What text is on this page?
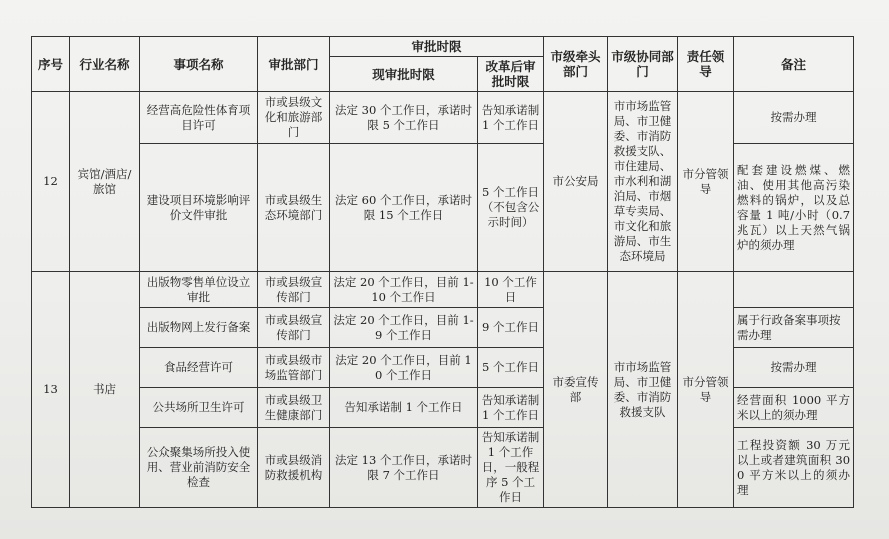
序号	行业名称	事项名称	审批部门	审批时限		市级牵头部门	市级协同部门	责任领导	备注
				现审批时限	改革后审批时限				
12	宾馆/酒店/旅馆	经营高危险性体育项目许可	市或县级文化和旅游部门	法定 30 个工作日，承诺时限 5 个工作日	告知承诺制 1 个工作日	市公安局	市市场监管局、市卫健委、市消防救援支队、市住建局、市水利和湖泊局、市烟草专卖局、市文化和旅游局、市生态环境局	市分管领导	按需办理
		建设项目环境影响评价文件审批	市或县级生态环境部门	法定 60 个工作日，承诺时限 15 个工作日	5 个工作日（不包含公示时间）				配套建设燃煤、燃油、使用其他高污染燃料的锅炉，以及总容量 1 吨/小时（0.7 兆瓦）以上天然气锅炉的须办理
13	书店	出版物零售单位设立审批	市或县级宣传部门	法定 20 个工作日，目前 1-10 个工作日	10 个工作日	市委宣传部	市市场监管局、市卫健委、市消防救援支队	市分管领导	
		出版物网上发行备案	市或县级宣传部门	法定 20 个工作日，目前 1-9 个工作日	9 个工作日				属于行政备案事项按需办理
		食品经营许可	市或县级市场监管部门	法定 20 个工作日，目前 10 个工作日	5 个工作日				按需办理
		公共场所卫生许可	市或县级卫生健康部门	告知承诺制 1 个工作日	告知承诺制 1 个工作日				经营面积 1000 平方米以上的须办理
		公众聚集场所投入使用、营业前消防安全检查	市或县级消防救援机构	法定 13 个工作日，承诺时限 7 个工作日	告知承诺制 1 个工作日，一般程序 5 个工作日				工程投资额 30 万元以上或者建筑面积 300 平方米以上的须办理
